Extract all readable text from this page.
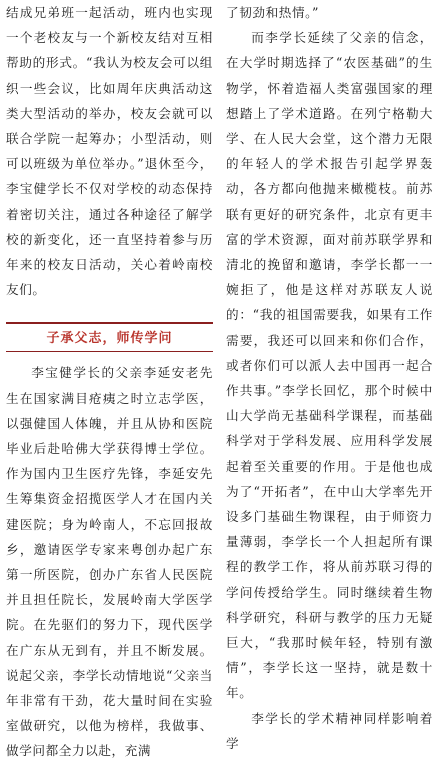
结成兄弟班一起活动，班内也实现一个老校友与一个新校友结对互相帮助的形式。“我认为校友会可以组织一些会议，比如周年庆典活动这类大型活动的举办，校友会就可以联合学院一起筹办；小型活动，则可以班级为单位举办。”退休至今，李宝健学长不仅对学校的动态保持着密切关注，通过各种途径了解学校的新变化，还一直坚持着参与历年来的校友日活动，关心着岭南校友们。

子承父志，师传学问

李宝健学长的父亲李延安老先生在国家满目疮痍之时立志学医，以强健国人体魄，并且从协和医院毕业后赴哈佛大学获得博士学位。作为国内卫生医疗先锋，李延安先生筹集资金招揽医学人才在国内关建医院；身为岭南人，不忘回报故乡，邀请医学专家来粤创办起广东第一所医院，创办广东省人民医院并且担任院长，发展岭南大学医学院。在先驱们的努力下，现代医学在广东从无到有，并且不断发展。说起父亲，李学长动情地说“父亲当年非常有干劲，花大量时间在实验室做研究，以他为榜样，我做事、做学问都全力以赴，充满

了韧劲和热情。”

而李学长延续了父亲的信念，在大学时期选择了“农医基础”的生物学，怀着造福人类富强国家的理想踏上了学术道路。在列宁格勒大学、在人民大会堂，这个潜力无限的年轻人的学术报告引起学界轰动，各方都向他抛来橄榄枝。前苏联有更好的研究条件，北京有更丰富的学术资源，面对前苏联学界和清北的挽留和邀请，李学长都一一婉拒了，他是这样对苏联友人说的：“我的祖国需要我，如果有工作需要，我还可以回来和你们合作，或者你们可以派人去中国再一起合作共事。”李学长回忆，那个时候中山大学尚无基础科学课程，而基础科学对于学科发展、应用科学发展起着至关重要的作用。于是他也成为了“开拓者”，在中山大学率先开设多门基础生物课程，由于师资力量薄弱，李学长一个人担起所有课程的教学工作，将从前苏联习得的学问传授给学生。同时继续着生物科学研究，科研与教学的压力无疑巨大，“我那时候年轻，特别有激情”，李学长这一坚持，就是数十年。

李学长的学术精神同样影响着学
